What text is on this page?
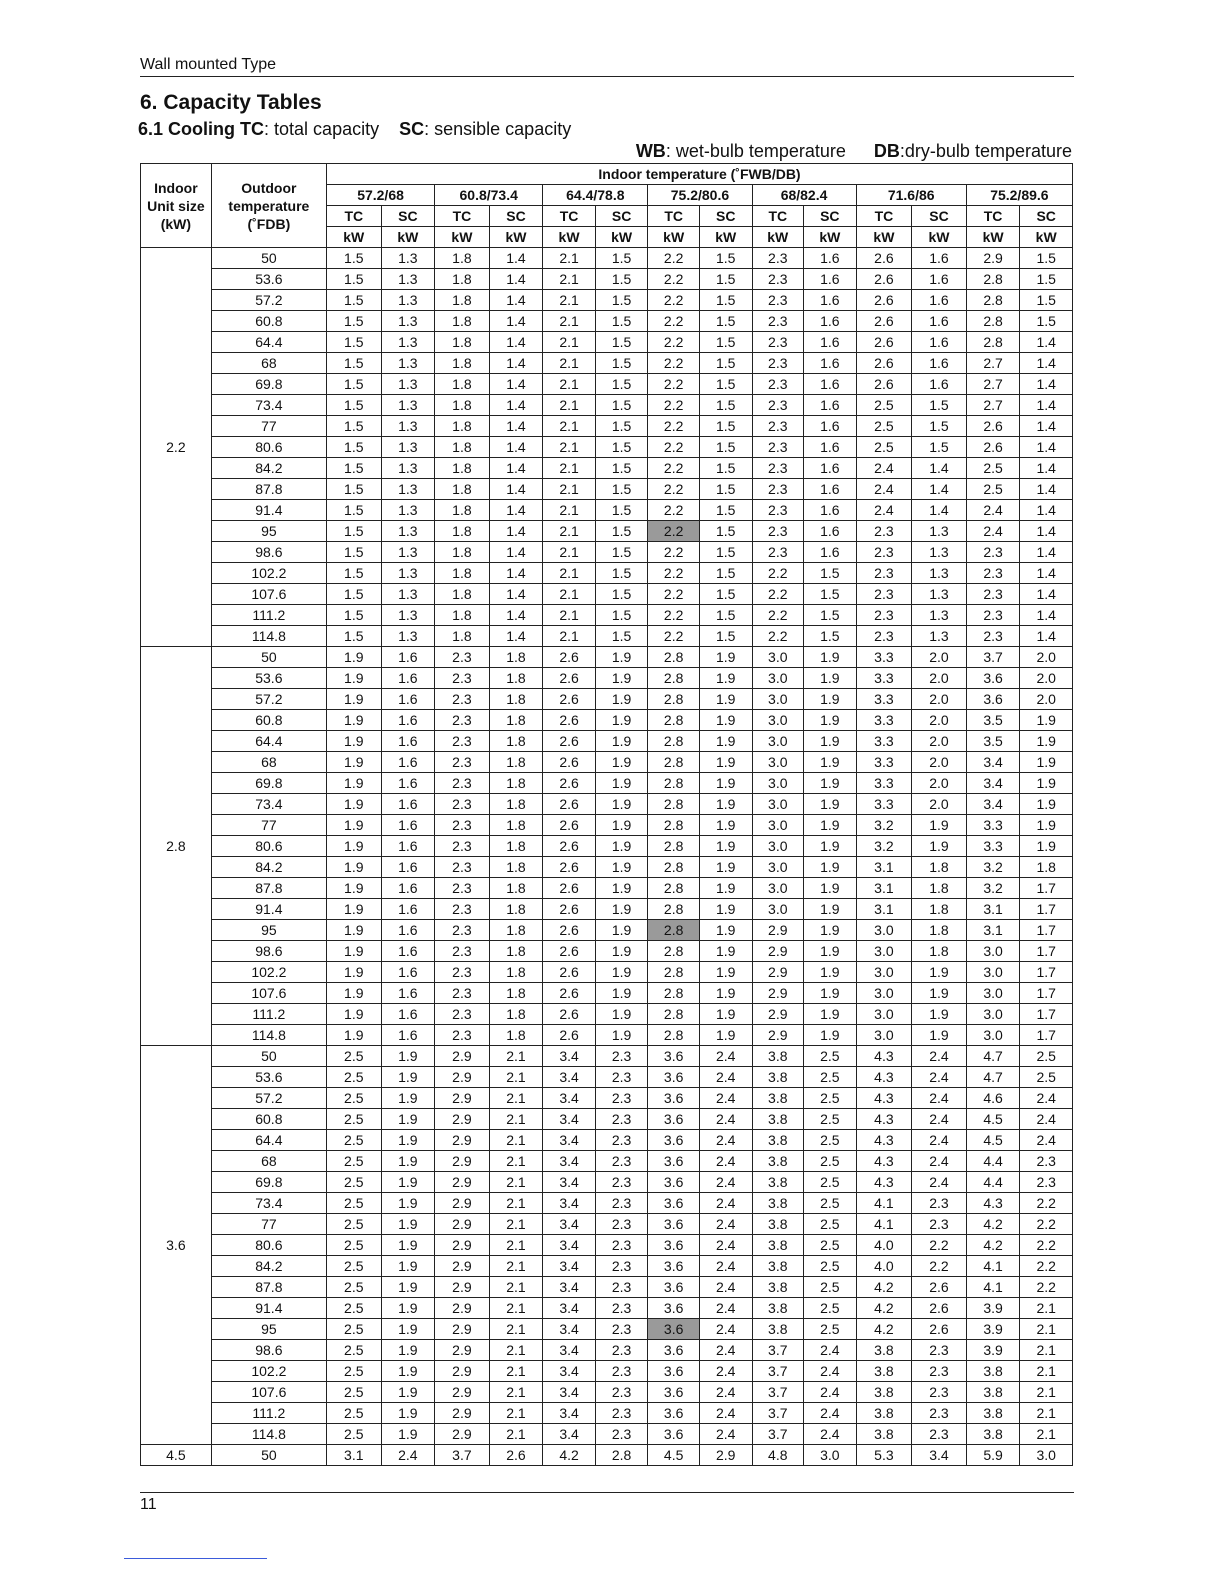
Wall mounted Type
6. Capacity Tables
6.1 Cooling TC: total capacity SC: sensible capacity
WB: wet-bulb temperature DB:dry-bulb temperature
Indoor Unit size (kW)	Outdoor temperature (˚FDB)	Indoor temperature (˚FWB/DB)													
		57.2/68		60.8/73.4		64.4/78.8		75.2/80.6		68/82.4		71.6/86		75.2/89.6	
		TC	SC	TC	SC	TC	SC	TC	SC	TC	SC	TC	SC	TC	SC
		kW	kW	kW	kW	kW	kW	kW	kW	kW	kW	kW	kW	kW	kW
2.2	50	1.5	1.3	1.8	1.4	2.1	1.5	2.2	1.5	2.3	1.6	2.6	1.6	2.9	1.5
	53.6	1.5	1.3	1.8	1.4	2.1	1.5	2.2	1.5	2.3	1.6	2.6	1.6	2.8	1.5
	57.2	1.5	1.3	1.8	1.4	2.1	1.5	2.2	1.5	2.3	1.6	2.6	1.6	2.8	1.5
	60.8	1.5	1.3	1.8	1.4	2.1	1.5	2.2	1.5	2.3	1.6	2.6	1.6	2.8	1.5
	64.4	1.5	1.3	1.8	1.4	2.1	1.5	2.2	1.5	2.3	1.6	2.6	1.6	2.8	1.4
	68	1.5	1.3	1.8	1.4	2.1	1.5	2.2	1.5	2.3	1.6	2.6	1.6	2.7	1.4
	69.8	1.5	1.3	1.8	1.4	2.1	1.5	2.2	1.5	2.3	1.6	2.6	1.6	2.7	1.4
	73.4	1.5	1.3	1.8	1.4	2.1	1.5	2.2	1.5	2.3	1.6	2.5	1.5	2.7	1.4
	77	1.5	1.3	1.8	1.4	2.1	1.5	2.2	1.5	2.3	1.6	2.5	1.5	2.6	1.4
	80.6	1.5	1.3	1.8	1.4	2.1	1.5	2.2	1.5	2.3	1.6	2.5	1.5	2.6	1.4
	84.2	1.5	1.3	1.8	1.4	2.1	1.5	2.2	1.5	2.3	1.6	2.4	1.4	2.5	1.4
	87.8	1.5	1.3	1.8	1.4	2.1	1.5	2.2	1.5	2.3	1.6	2.4	1.4	2.5	1.4
	91.4	1.5	1.3	1.8	1.4	2.1	1.5	2.2	1.5	2.3	1.6	2.4	1.4	2.4	1.4
	95	1.5	1.3	1.8	1.4	2.1	1.5	2.2	1.5	2.3	1.6	2.3	1.3	2.4	1.4
	98.6	1.5	1.3	1.8	1.4	2.1	1.5	2.2	1.5	2.3	1.6	2.3	1.3	2.3	1.4
	102.2	1.5	1.3	1.8	1.4	2.1	1.5	2.2	1.5	2.2	1.5	2.3	1.3	2.3	1.4
	107.6	1.5	1.3	1.8	1.4	2.1	1.5	2.2	1.5	2.2	1.5	2.3	1.3	2.3	1.4
	111.2	1.5	1.3	1.8	1.4	2.1	1.5	2.2	1.5	2.2	1.5	2.3	1.3	2.3	1.4
	114.8	1.5	1.3	1.8	1.4	2.1	1.5	2.2	1.5	2.2	1.5	2.3	1.3	2.3	1.4
2.8	50	1.9	1.6	2.3	1.8	2.6	1.9	2.8	1.9	3.0	1.9	3.3	2.0	3.7	2.0
	53.6	1.9	1.6	2.3	1.8	2.6	1.9	2.8	1.9	3.0	1.9	3.3	2.0	3.6	2.0
	57.2	1.9	1.6	2.3	1.8	2.6	1.9	2.8	1.9	3.0	1.9	3.3	2.0	3.6	2.0
	60.8	1.9	1.6	2.3	1.8	2.6	1.9	2.8	1.9	3.0	1.9	3.3	2.0	3.5	1.9
	64.4	1.9	1.6	2.3	1.8	2.6	1.9	2.8	1.9	3.0	1.9	3.3	2.0	3.5	1.9
	68	1.9	1.6	2.3	1.8	2.6	1.9	2.8	1.9	3.0	1.9	3.3	2.0	3.4	1.9
	69.8	1.9	1.6	2.3	1.8	2.6	1.9	2.8	1.9	3.0	1.9	3.3	2.0	3.4	1.9
	73.4	1.9	1.6	2.3	1.8	2.6	1.9	2.8	1.9	3.0	1.9	3.3	2.0	3.4	1.9
	77	1.9	1.6	2.3	1.8	2.6	1.9	2.8	1.9	3.0	1.9	3.2	1.9	3.3	1.9
	80.6	1.9	1.6	2.3	1.8	2.6	1.9	2.8	1.9	3.0	1.9	3.2	1.9	3.3	1.9
	84.2	1.9	1.6	2.3	1.8	2.6	1.9	2.8	1.9	3.0	1.9	3.1	1.8	3.2	1.8
	87.8	1.9	1.6	2.3	1.8	2.6	1.9	2.8	1.9	3.0	1.9	3.1	1.8	3.2	1.7
	91.4	1.9	1.6	2.3	1.8	2.6	1.9	2.8	1.9	3.0	1.9	3.1	1.8	3.1	1.7
	95	1.9	1.6	2.3	1.8	2.6	1.9	2.8	1.9	2.9	1.9	3.0	1.8	3.1	1.7
	98.6	1.9	1.6	2.3	1.8	2.6	1.9	2.8	1.9	2.9	1.9	3.0	1.8	3.0	1.7
	102.2	1.9	1.6	2.3	1.8	2.6	1.9	2.8	1.9	2.9	1.9	3.0	1.9	3.0	1.7
	107.6	1.9	1.6	2.3	1.8	2.6	1.9	2.8	1.9	2.9	1.9	3.0	1.9	3.0	1.7
	111.2	1.9	1.6	2.3	1.8	2.6	1.9	2.8	1.9	2.9	1.9	3.0	1.9	3.0	1.7
	114.8	1.9	1.6	2.3	1.8	2.6	1.9	2.8	1.9	2.9	1.9	3.0	1.9	3.0	1.7
3.6	50	2.5	1.9	2.9	2.1	3.4	2.3	3.6	2.4	3.8	2.5	4.3	2.4	4.7	2.5
	53.6	2.5	1.9	2.9	2.1	3.4	2.3	3.6	2.4	3.8	2.5	4.3	2.4	4.7	2.5
	57.2	2.5	1.9	2.9	2.1	3.4	2.3	3.6	2.4	3.8	2.5	4.3	2.4	4.6	2.4
	60.8	2.5	1.9	2.9	2.1	3.4	2.3	3.6	2.4	3.8	2.5	4.3	2.4	4.5	2.4
	64.4	2.5	1.9	2.9	2.1	3.4	2.3	3.6	2.4	3.8	2.5	4.3	2.4	4.5	2.4
	68	2.5	1.9	2.9	2.1	3.4	2.3	3.6	2.4	3.8	2.5	4.3	2.4	4.4	2.3
	69.8	2.5	1.9	2.9	2.1	3.4	2.3	3.6	2.4	3.8	2.5	4.3	2.4	4.4	2.3
	73.4	2.5	1.9	2.9	2.1	3.4	2.3	3.6	2.4	3.8	2.5	4.1	2.3	4.3	2.2
	77	2.5	1.9	2.9	2.1	3.4	2.3	3.6	2.4	3.8	2.5	4.1	2.3	4.2	2.2
	80.6	2.5	1.9	2.9	2.1	3.4	2.3	3.6	2.4	3.8	2.5	4.0	2.2	4.2	2.2
	84.2	2.5	1.9	2.9	2.1	3.4	2.3	3.6	2.4	3.8	2.5	4.0	2.2	4.1	2.2
	87.8	2.5	1.9	2.9	2.1	3.4	2.3	3.6	2.4	3.8	2.5	4.2	2.6	4.1	2.2
	91.4	2.5	1.9	2.9	2.1	3.4	2.3	3.6	2.4	3.8	2.5	4.2	2.6	3.9	2.1
	95	2.5	1.9	2.9	2.1	3.4	2.3	3.6	2.4	3.8	2.5	4.2	2.6	3.9	2.1
	98.6	2.5	1.9	2.9	2.1	3.4	2.3	3.6	2.4	3.7	2.4	3.8	2.3	3.9	2.1
	102.2	2.5	1.9	2.9	2.1	3.4	2.3	3.6	2.4	3.7	2.4	3.8	2.3	3.8	2.1
	107.6	2.5	1.9	2.9	2.1	3.4	2.3	3.6	2.4	3.7	2.4	3.8	2.3	3.8	2.1
	111.2	2.5	1.9	2.9	2.1	3.4	2.3	3.6	2.4	3.7	2.4	3.8	2.3	3.8	2.1
	114.8	2.5	1.9	2.9	2.1	3.4	2.3	3.6	2.4	3.7	2.4	3.8	2.3	3.8	2.1
4.5	50	3.1	2.4	3.7	2.6	4.2	2.8	4.5	2.9	4.8	3.0	5.3	3.4	5.9	3.0
11
